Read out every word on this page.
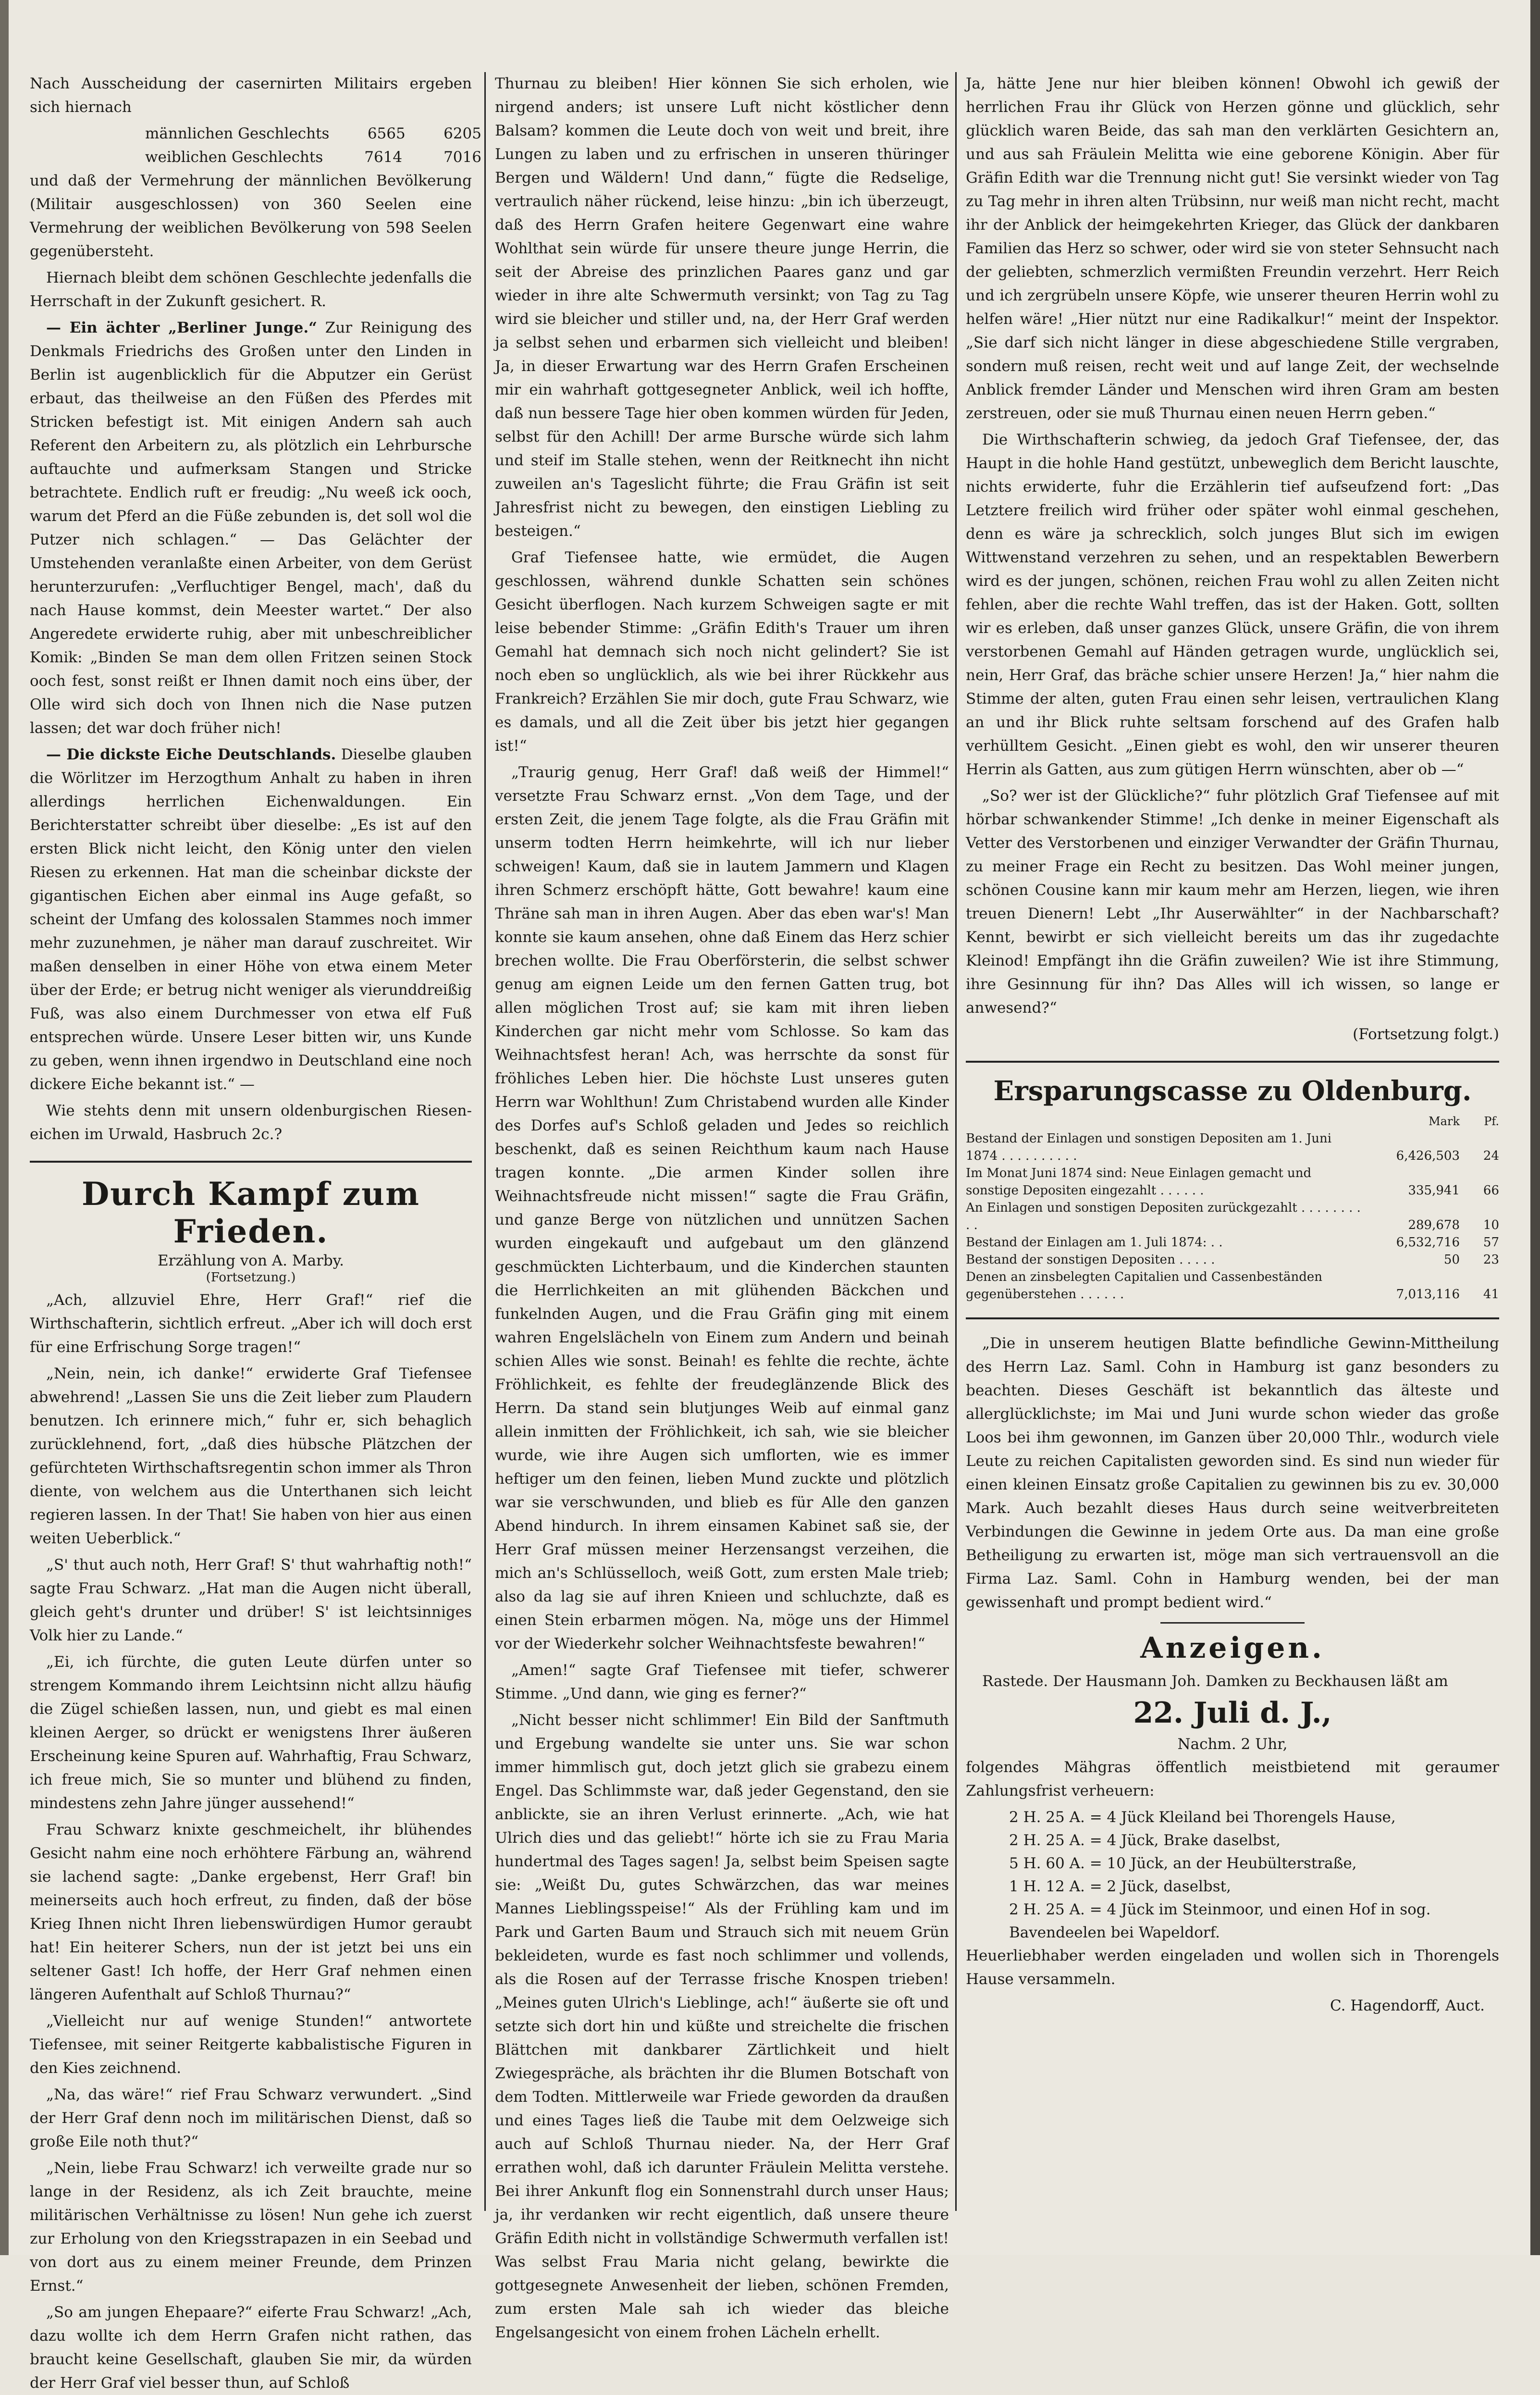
Nach Ausscheidung der casernirten Militairs ergeben sich hiernach

männlichen Geschlechts	6565	6205
weiblichen Geschlechts	7614	7016

und daß der Vermehrung der männlichen Bevölkerung (Militair ausgeschlossen) von 360 Seelen eine Vermehrung der weiblichen Bevölkerung von 598 Seelen gegenübersteht.

Hiernach bleibt dem schönen Geschlechte jedenfalls die Herrschaft in der Zukunft gesichert. R.

— Ein ächter „Berliner Junge.“ Zur Reinigung des Denkmals Friedrichs des Großen unter den Linden in Berlin ist augenblicklich für die Abputzer ein Gerüst erbaut, das theilweise an den Füßen des Pferdes mit Stricken befestigt ist. Mit einigen Andern sah auch Referent den Arbeitern zu, als plötzlich ein Lehrbursche auftauchte und aufmerksam Stangen und Stricke betrachtete. Endlich ruft er freudig: „Nu weeß ick ooch, warum det Pferd an die Füße zebunden is, det soll wol die Putzer nich schlagen.“ — Das Gelächter der Umstehenden veranlaßte einen Arbeiter, von dem Gerüst herunterzurufen: „Verfluchtiger Bengel, mach', daß du nach Hause kommst, dein Meester wartet.“ Der also Angeredete erwiderte ruhig, aber mit unbeschreiblicher Komik: „Binden Se man dem ollen Fritzen seinen Stock ooch fest, sonst reißt er Ihnen damit noch eins über, der Olle wird sich doch von Ihnen nich die Nase putzen lassen; det war doch früher nich!

— Die dickste Eiche Deutschlands. Dieselbe glauben die Wörlitzer im Herzogthum Anhalt zu haben in ihren allerdings herrlichen Eichenwaldungen. Ein Berichterstatter schreibt über dieselbe: „Es ist auf den ersten Blick nicht leicht, den König unter den vielen Riesen zu erkennen. Hat man die scheinbar dickste der gigantischen Eichen aber einmal ins Auge gefaßt, so scheint der Umfang des kolossalen Stammes noch immer mehr zuzunehmen, je näher man darauf zuschreitet. Wir maßen denselben in einer Höhe von etwa einem Meter über der Erde; er betrug nicht weniger als vierunddreißig Fuß, was also einem Durchmesser von etwa elf Fuß entsprechen würde. Unsere Leser bitten wir, uns Kunde zu geben, wenn ihnen irgendwo in Deutschland eine noch dickere Eiche bekannt ist.“ —

Wie stehts denn mit unsern oldenburgischen Riesen-eichen im Urwald, Hasbruch 2c.?

Durch Kampf zum Frieden.
Erzählung von A. Marby.
(Fortsetzung.)

„Ach, allzuviel Ehre, Herr Graf!“ rief die Wirthschafterin, sichtlich erfreut. „Aber ich will doch erst für eine Erfrischung Sorge tragen!“

„Nein, nein, ich danke!“ erwiderte Graf Tiefensee abwehrend! „Lassen Sie uns die Zeit lieber zum Plaudern benutzen. Ich erinnere mich,“ fuhr er, sich behaglich zurücklehnend, fort, „daß dies hübsche Plätzchen der gefürchteten Wirthschaftsregentin schon immer als Thron diente, von welchem aus die Unterthanen sich leicht regieren lassen. In der That! Sie haben von hier aus einen weiten Ueberblick.“

„S' thut auch noth, Herr Graf! S' thut wahrhaftig noth!“ sagte Frau Schwarz. „Hat man die Augen nicht überall, gleich geht's drunter und drüber! S' ist leichtsinniges Volk hier zu Lande.“

„Ei, ich fürchte, die guten Leute dürfen unter so strengem Kommando ihrem Leichtsinn nicht allzu häufig die Zügel schießen lassen, nun, und giebt es mal einen kleinen Aerger, so drückt er wenigstens Ihrer äußeren Erscheinung keine Spuren auf. Wahrhaftig, Frau Schwarz, ich freue mich, Sie so munter und blühend zu finden, mindestens zehn Jahre jünger aussehend!“

Frau Schwarz knixte geschmeichelt, ihr blühendes Gesicht nahm eine noch erhöhtere Färbung an, während sie lachend sagte: „Danke ergebenst, Herr Graf! bin meinerseits auch hoch erfreut, zu finden, daß der böse Krieg Ihnen nicht Ihren liebenswürdigen Humor geraubt hat! Ein heiterer Schers, nun der ist jetzt bei uns ein seltener Gast! Ich hoffe, der Herr Graf nehmen einen längeren Aufenthalt auf Schloß Thurnau?“

„Vielleicht nur auf wenige Stunden!“ antwortete Tiefensee, mit seiner Reitgerte kabbalistische Figuren in den Kies zeichnend.

„Na, das wäre!“ rief Frau Schwarz verwundert. „Sind der Herr Graf denn noch im militärischen Dienst, daß so große Eile noth thut?“

„Nein, liebe Frau Schwarz! ich verweilte grade nur so lange in der Residenz, als ich Zeit brauchte, meine militärischen Verhältnisse zu lösen! Nun gehe ich zuerst zur Erholung von den Kriegsstrapazen in ein Seebad und von dort aus zu einem meiner Freunde, dem Prinzen Ernst.“

„So am jungen Ehepaare?“ eiferte Frau Schwarz! „Ach, dazu wollte ich dem Herrn Grafen nicht rathen, das braucht keine Gesellschaft, glauben Sie mir, da würden der Herr Graf viel besser thun, auf Schloß

Thurnau zu bleiben! Hier können Sie sich erholen, wie nirgend anders; ist unsere Luft nicht köstlicher denn Balsam? kommen die Leute doch von weit und breit, ihre Lungen zu laben und zu erfrischen in unseren thüringer Bergen und Wäldern! Und dann,“ fügte die Redselige, vertraulich näher rückend, leise hinzu: „bin ich überzeugt, daß des Herrn Grafen heitere Gegenwart eine wahre Wohlthat sein würde für unsere theure junge Herrin, die seit der Abreise des prinzlichen Paares ganz und gar wieder in ihre alte Schwermuth versinkt; von Tag zu Tag wird sie bleicher und stiller und, na, der Herr Graf werden ja selbst sehen und erbarmen sich vielleicht und bleiben! Ja, in dieser Erwartung war des Herrn Grafen Erscheinen mir ein wahrhaft gottgesegneter Anblick, weil ich hoffte, daß nun bessere Tage hier oben kommen würden für Jeden, selbst für den Achill! Der arme Bursche würde sich lahm und steif im Stalle stehen, wenn der Reitknecht ihn nicht zuweilen an's Tageslicht führte; die Frau Gräfin ist seit Jahresfrist nicht zu bewegen, den einstigen Liebling zu besteigen.“

Graf Tiefensee hatte, wie ermüdet, die Augen geschlossen, während dunkle Schatten sein schönes Gesicht überflogen. Nach kurzem Schweigen sagte er mit leise bebender Stimme: „Gräfin Edith's Trauer um ihren Gemahl hat demnach sich noch nicht gelindert? Sie ist noch eben so unglücklich, als wie bei ihrer Rückkehr aus Frankreich? Erzählen Sie mir doch, gute Frau Schwarz, wie es damals, und all die Zeit über bis jetzt hier gegangen ist!“

„Traurig genug, Herr Graf! daß weiß der Himmel!“ versetzte Frau Schwarz ernst. „Von dem Tage, und der ersten Zeit, die jenem Tage folgte, als die Frau Gräfin mit unserm todten Herrn heimkehrte, will ich nur lieber schweigen! Kaum, daß sie in lautem Jammern und Klagen ihren Schmerz erschöpft hätte, Gott bewahre! kaum eine Thräne sah man in ihren Augen. Aber das eben war's! Man konnte sie kaum ansehen, ohne daß Einem das Herz schier brechen wollte. Die Frau Oberförsterin, die selbst schwer genug am eignen Leide um den fernen Gatten trug, bot allen möglichen Trost auf; sie kam mit ihren lieben Kinderchen gar nicht mehr vom Schlosse. So kam das Weihnachtsfest heran! Ach, was herrschte da sonst für fröhliches Leben hier. Die höchste Lust unseres guten Herrn war Wohlthun! Zum Christabend wurden alle Kinder des Dorfes auf's Schloß geladen und Jedes so reichlich beschenkt, daß es seinen Reichthum kaum nach Hause tragen konnte. „Die armen Kinder sollen ihre Weihnachtsfreude nicht missen!“ sagte die Frau Gräfin, und ganze Berge von nützlichen und unnützen Sachen wurden eingekauft und aufgebaut um den glänzend geschmückten Lichterbaum, und die Kinderchen staunten die Herrlichkeiten an mit glühenden Bäckchen und funkelnden Augen, und die Frau Gräfin ging mit einem wahren Engelslächeln von Einem zum Andern und beinah schien Alles wie sonst. Beinah! es fehlte die rechte, ächte Fröhlichkeit, es fehlte der freudeglänzende Blick des Herrn. Da stand sein blutjunges Weib auf einmal ganz allein inmitten der Fröhlichkeit, ich sah, wie sie bleicher wurde, wie ihre Augen sich umflorten, wie es immer heftiger um den feinen, lieben Mund zuckte und plötzlich war sie verschwunden, und blieb es für Alle den ganzen Abend hindurch. In ihrem einsamen Kabinet saß sie, der Herr Graf müssen meiner Herzensangst verzeihen, die mich an's Schlüsselloch, weiß Gott, zum ersten Male trieb; also da lag sie auf ihren Knieen und schluchzte, daß es einen Stein erbarmen mögen. Na, möge uns der Himmel vor der Wiederkehr solcher Weihnachtsfeste bewahren!“

„Amen!“ sagte Graf Tiefensee mit tiefer, schwerer Stimme. „Und dann, wie ging es ferner?“

„Nicht besser nicht schlimmer! Ein Bild der Sanftmuth und Ergebung wandelte sie unter uns. Sie war schon immer himmlisch gut, doch jetzt glich sie grabezu einem Engel. Das Schlimmste war, daß jeder Gegenstand, den sie anblickte, sie an ihren Verlust erinnerte. „Ach, wie hat Ulrich dies und das geliebt!“ hörte ich sie zu Frau Maria hundertmal des Tages sagen! Ja, selbst beim Speisen sagte sie: „Weißt Du, gutes Schwärzchen, das war meines Mannes Lieblingsspeise!“ Als der Frühling kam und im Park und Garten Baum und Strauch sich mit neuem Grün bekleideten, wurde es fast noch schlimmer und vollends, als die Rosen auf der Terrasse frische Knospen trieben! „Meines guten Ulrich's Lieblinge, ach!“ äußerte sie oft und setzte sich dort hin und küßte und streichelte die frischen Blättchen mit dankbarer Zärtlichkeit und hielt Zwiegespräche, als brächten ihr die Blumen Botschaft von dem Todten. Mittlerweile war Friede geworden da draußen und eines Tages ließ die Taube mit dem Oelzweige sich auch auf Schloß Thurnau nieder. Na, der Herr Graf errathen wohl, daß ich darunter Fräulein Melitta verstehe. Bei ihrer Ankunft flog ein Sonnenstrahl durch unser Haus; ja, ihr verdanken wir recht eigentlich, daß unsere theure Gräfin Edith nicht in vollständige Schwermuth verfallen ist! Was selbst Frau Maria nicht gelang, bewirkte die gottgesegnete Anwesenheit der lieben, schönen Fremden, zum ersten Male sah ich wieder das bleiche Engelsangesicht von einem frohen Lächeln erhellt.

Ja, hätte Jene nur hier bleiben können! Obwohl ich gewiß der herrlichen Frau ihr Glück von Herzen gönne und glücklich, sehr glücklich waren Beide, das sah man den verklärten Gesichtern an, und aus sah Fräulein Melitta wie eine geborene Königin. Aber für Gräfin Edith war die Trennung nicht gut! Sie versinkt wieder von Tag zu Tag mehr in ihren alten Trübsinn, nur weiß man nicht recht, macht ihr der Anblick der heimgekehrten Krieger, das Glück der dankbaren Familien das Herz so schwer, oder wird sie von steter Sehnsucht nach der geliebten, schmerzlich vermißten Freundin verzehrt. Herr Reich und ich zergrübeln unsere Köpfe, wie unserer theuren Herrin wohl zu helfen wäre! „Hier nützt nur eine Radikalkur!“ meint der Inspektor. „Sie darf sich nicht länger in diese abgeschiedene Stille vergraben, sondern muß reisen, recht weit und auf lange Zeit, der wechselnde Anblick fremder Länder und Menschen wird ihren Gram am besten zerstreuen, oder sie muß Thurnau einen neuen Herrn geben.“

Die Wirthschafterin schwieg, da jedoch Graf Tiefensee, der, das Haupt in die hohle Hand gestützt, unbeweglich dem Bericht lauschte, nichts erwiderte, fuhr die Erzählerin tief aufseufzend fort: „Das Letztere freilich wird früher oder später wohl einmal geschehen, denn es wäre ja schrecklich, solch junges Blut sich im ewigen Wittwenstand verzehren zu sehen, und an respektablen Bewerbern wird es der jungen, schönen, reichen Frau wohl zu allen Zeiten nicht fehlen, aber die rechte Wahl treffen, das ist der Haken. Gott, sollten wir es erleben, daß unser ganzes Glück, unsere Gräfin, die von ihrem verstorbenen Gemahl auf Händen getragen wurde, unglücklich sei, nein, Herr Graf, das bräche schier unsere Herzen! Ja,“ hier nahm die Stimme der alten, guten Frau einen sehr leisen, vertraulichen Klang an und ihr Blick ruhte seltsam forschend auf des Grafen halb verhülltem Gesicht. „Einen giebt es wohl, den wir unserer theuren Herrin als Gatten, aus zum gütigen Herrn wünschten, aber ob —“

„So? wer ist der Glückliche?“ fuhr plötzlich Graf Tiefensee auf mit hörbar schwankender Stimme! „Ich denke in meiner Eigenschaft als Vetter des Verstorbenen und einziger Verwandter der Gräfin Thurnau, zu meiner Frage ein Recht zu besitzen. Das Wohl meiner jungen, schönen Cousine kann mir kaum mehr am Herzen, liegen, wie ihren treuen Dienern! Lebt „Ihr Auserwählter“ in der Nachbarschaft? Kennt, bewirbt er sich vielleicht bereits um das ihr zugedachte Kleinod! Empfängt ihn die Gräfin zuweilen? Wie ist ihre Stimmung, ihre Gesinnung für ihn? Das Alles will ich wissen, so lange er anwesend?“

(Fortsetzung folgt.)

Ersparungscasse zu Oldenburg.
	Mark	Pf.
Bestand der Einlagen und sonstigen Depositen am 1. Juni 1874 . . . . . . . . . .	6,426,503	24
Im Monat Juni 1874 sind: Neue Einlagen gemacht und sonstige Depositen eingezahlt . . . . . .	335,941	66
An Einlagen und sonstigen Depositen zurückgezahlt . . . . . . . . . .	289,678	10
Bestand der Einlagen am 1. Juli 1874: . .	6,532,716	57
Bestand der sonstigen Depositen . . . . .	50	23
Denen an zinsbelegten Capitalien und Cassenbeständen gegenüberstehen . . . . . .	7,013,116	41

„Die in unserem heutigen Blatte befindliche Gewinn-Mittheilung des Herrn Laz. Saml. Cohn in Hamburg ist ganz besonders zu beachten. Dieses Geschäft ist bekanntlich das älteste und allerglücklichste; im Mai und Juni wurde schon wieder das große Loos bei ihm gewonnen, im Ganzen über 20,000 Thlr., wodurch viele Leute zu reichen Capitalisten geworden sind. Es sind nun wieder für einen kleinen Einsatz große Capitalien zu gewinnen bis zu ev. 30,000 Mark. Auch bezahlt dieses Haus durch seine weitverbreiteten Verbindungen die Gewinne in jedem Orte aus. Da man eine große Betheiligung zu erwarten ist, möge man sich vertrauensvoll an die Firma Laz. Saml. Cohn in Hamburg wenden, bei der man gewissenhaft und prompt bedient wird.“

Anzeigen.

Rastede. Der Hausmann Joh. Damken zu Beckhausen läßt am

22. Juli d. J.,
Nachm. 2 Uhr,

folgendes Mähgras öffentlich meistbietend mit geraumer Zahlungsfrist verheuern:

2 H. 25 A. = 4 Jück Kleiland bei Thorengels Hause,
2 H. 25 A. = 4 Jück, Brake daselbst,
5 H. 60 A. = 10 Jück, an der Heubülterstraße,
1 H. 12 A. = 2 Jück, daselbst,
2 H. 25 A. = 4 Jück im Steinmoor, und einen Hof in sog. Bavendeelen bei Wapeldorf.

Heuerliebhaber werden eingeladen und wollen sich in Thorengels Hause versammeln.

C. Hagendorff, Auct.
